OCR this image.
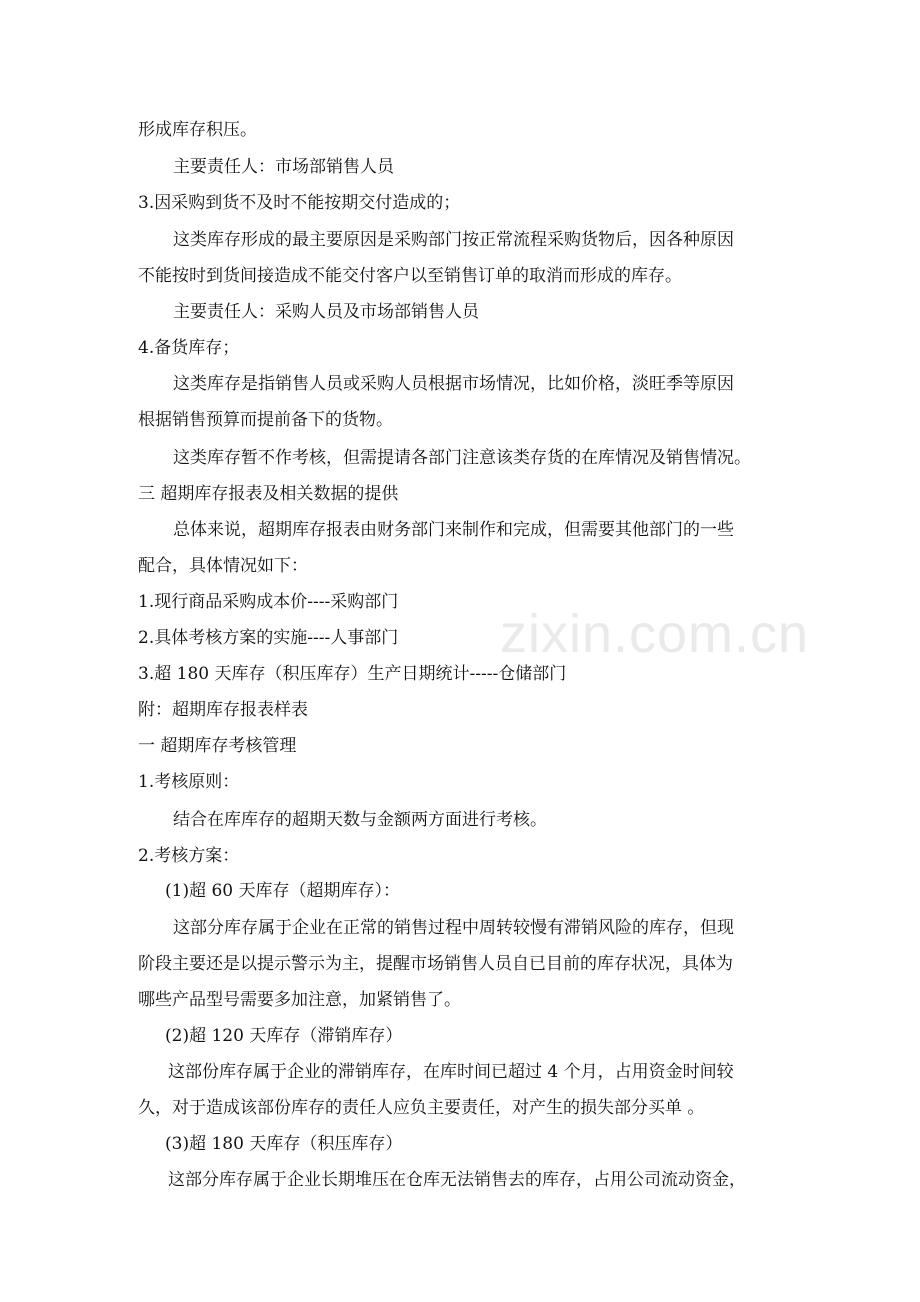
形成库存积压。
主要责任人：市场部销售人员
3.因采购到货不及时不能按期交付造成的；
这类库存形成的最主要原因是采购部门按正常流程采购货物后，因各种原因
不能按时到货间接造成不能交付客户以至销售订单的取消而形成的库存。
主要责任人：采购人员及市场部销售人员
4.备货库存；
这类库存是指销售人员或采购人员根据市场情况，比如价格，淡旺季等原因
根据销售预算而提前备下的货物。
这类库存暂不作考核，但需提请各部门注意该类存货的在库情况及销售情况。
三 超期库存报表及相关数据的提供
总体来说，超期库存报表由财务部门来制作和完成，但需要其他部门的一些
配合，具体情况如下：
1.现行商品采购成本价----采购部门
2.具体考核方案的实施----人事部门
3.超 180 天库存（积压库存）生产日期统计-----仓储部门
附：超期库存报表样表
一 超期库存考核管理
1.考核原则：
结合在库库存的超期天数与金额两方面进行考核。
2.考核方案：
(1)超 60 天库存（超期库存）：
这部分库存属于企业在正常的销售过程中周转较慢有滞销风险的库存，但现
阶段主要还是以提示警示为主，提醒市场销售人员自已目前的库存状况，具体为
哪些产品型号需要多加注意，加紧销售了。
(2)超 120 天库存（滞销库存）
这部份库存属于企业的滞销库存，在库时间已超过 4 个月，占用资金时间较
久，对于造成该部份库存的责任人应负主要责任，对产生的损失部分买单 。
(3)超 180 天库存（积压库存）
这部分库存属于企业长期堆压在仓库无法销售去的库存，占用公司流动资金，
zixin.com.cn
